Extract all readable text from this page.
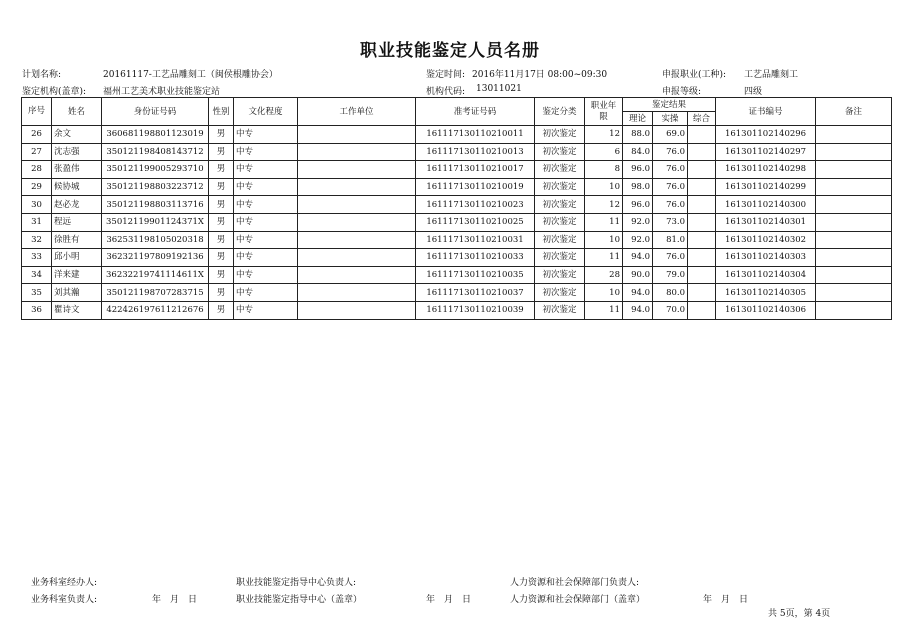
职业技能鉴定人员名册
计划名称:	20161117-工艺品雕刻工（闽侯根雕协会）	鉴定时间: 2016年11月17日 08:00~09:30	申报职业(工种): 工艺品雕刻工
鉴定机构(盖章): 福州工艺美术职业技能鉴定站	机构代码: 13011021	申报等级:	四级
序号	姓名	身份证号码	性别	文化程度	工作单位	准考证号码	鉴定分类	职业年限	鉴定结果			证书编号	备注
									理论	实操	综合		
26	余文	360681198801123019	男	中专		161117130110210011	初次鉴定	12	88.0	69.0		161301102140296	
27	沈志强	350121198408143712	男	中专		161117130110210013	初次鉴定	6	84.0	76.0		161301102140297	
28	张盈伟	350121199005293710	男	中专		161117130110210017	初次鉴定	8	96.0	76.0		161301102140298	
29	候协城	350121198803223712	男	中专		161117130110210019	初次鉴定	10	98.0	76.0		161301102140299	
30	赵必龙	350121198803113716	男	中专		161117130110210023	初次鉴定	12	96.0	76.0		161301102140300	
31	程远	35012119901124371X	男	中专		161117130110210025	初次鉴定	11	92.0	73.0		161301102140301	
32	徐胜有	362531198105020318	男	中专		161117130110210031	初次鉴定	10	92.0	81.0		161301102140302	
33	邱小明	362321197809192136	男	中专		161117130110210033	初次鉴定	11	94.0	76.0		161301102140303	
34	洋来建	36232219741114611X	男	中专		161117130110210035	初次鉴定	28	90.0	79.0		161301102140304	
35	刘其瀚	350121198707283715	男	中专		161117130110210037	初次鉴定	10	94.0	80.0		161301102140305	
36	瞿诗文	422426197611212676	男	中专		161117130110210039	初次鉴定	11	94.0	70.0		161301102140306	
业务科室经办人:	职业技能鉴定指导中心负责人:	人力资源和社会保障部门负责人:
业务科室负责人:	年　月　日	职业技能鉴定指导中心（盖章）	年　月　日	人力资源和社会保障部门（盖章）	年　月　日
共 5页，第 4页
